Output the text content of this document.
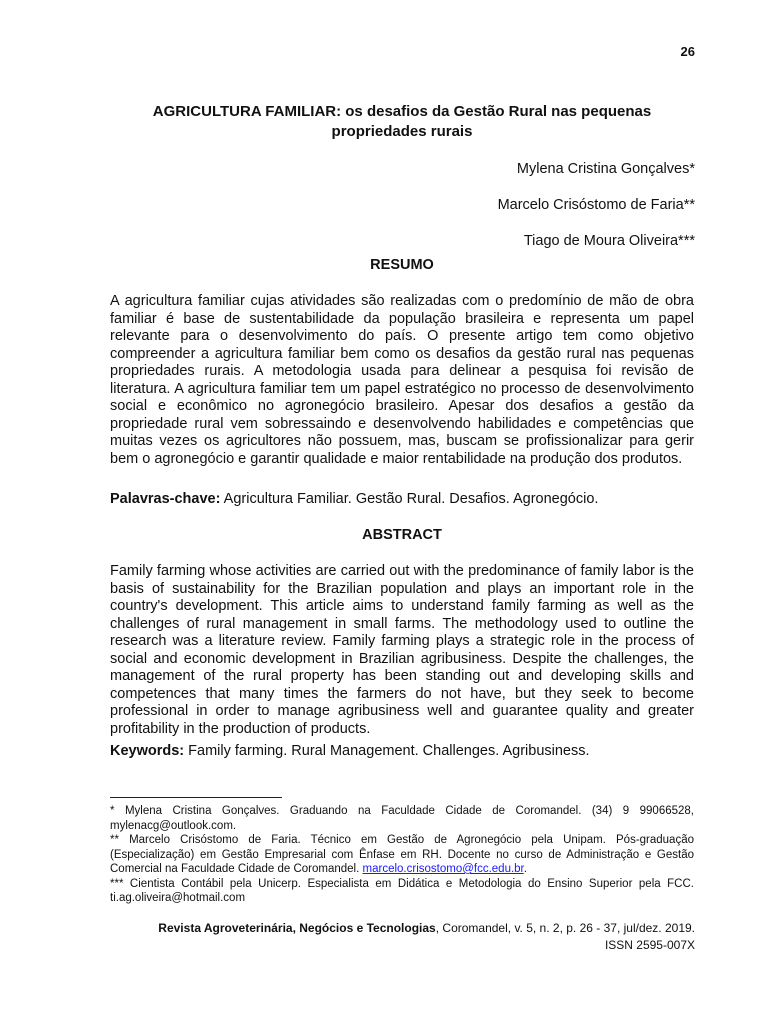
26
AGRICULTURA FAMILIAR: os desafios da Gestão Rural nas pequenas
propriedades rurais
Mylena Cristina Gonçalves*
Marcelo Crisóstomo de Faria**
Tiago de Moura Oliveira***
RESUMO
A agricultura familiar cujas atividades são realizadas com o predomínio de mão de obra familiar é base de sustentabilidade da população brasileira e representa um papel relevante para o desenvolvimento do país. O presente artigo tem como objetivo compreender a agricultura familiar bem como os desafios da gestão rural nas pequenas propriedades rurais. A metodologia usada para delinear a pesquisa foi revisão de literatura. A agricultura familiar tem um papel estratégico no processo de desenvolvimento social e econômico no agronegócio brasileiro. Apesar dos desafios a gestão da propriedade rural vem sobressaindo e desenvolvendo habilidades e competências que muitas vezes os agricultores não possuem, mas, buscam se profissionalizar para gerir bem o agronegócio e garantir qualidade e maior rentabilidade na produção dos produtos.
Palavras-chave: Agricultura Familiar. Gestão Rural. Desafios. Agronegócio.
ABSTRACT
Family farming whose activities are carried out with the predominance of family labor is the basis of sustainability for the Brazilian population and plays an important role in the country's development. This article aims to understand family farming as well as the challenges of rural management in small farms. The methodology used to outline the research was a literature review. Family farming plays a strategic role in the process of social and economic development in Brazilian agribusiness. Despite the challenges, the management of the rural property has been standing out and developing skills and competences that many times the farmers do not have, but they seek to become professional in order to manage agribusiness well and guarantee quality and greater profitability in the production of products.
Keywords: Family farming. Rural Management. Challenges. Agribusiness.

* Mylena Cristina Gonçalves. Graduando na Faculdade Cidade de Coromandel. (34) 9 99066528, mylenacg@outlook.com.

** Marcelo Crisóstomo de Faria. Técnico em Gestão de Agronegócio pela Unipam. Pós-graduação (Especialização) em Gestão Empresarial com Ênfase em RH. Docente no curso de Administração e Gestão Comercial na Faculdade Cidade de Coromandel. marcelo.crisostomo@fcc.edu.br.

*** Cientista Contábil pela Unicerp. Especialista em Didática e Metodologia do Ensino Superior pela FCC. ti.ag.oliveira@hotmail.com

Revista Agroveterinária, Negócios e Tecnologias, Coromandel, v. 5, n. 2, p. 26 - 37, jul/dez. 2019.
ISSN 2595-007X
